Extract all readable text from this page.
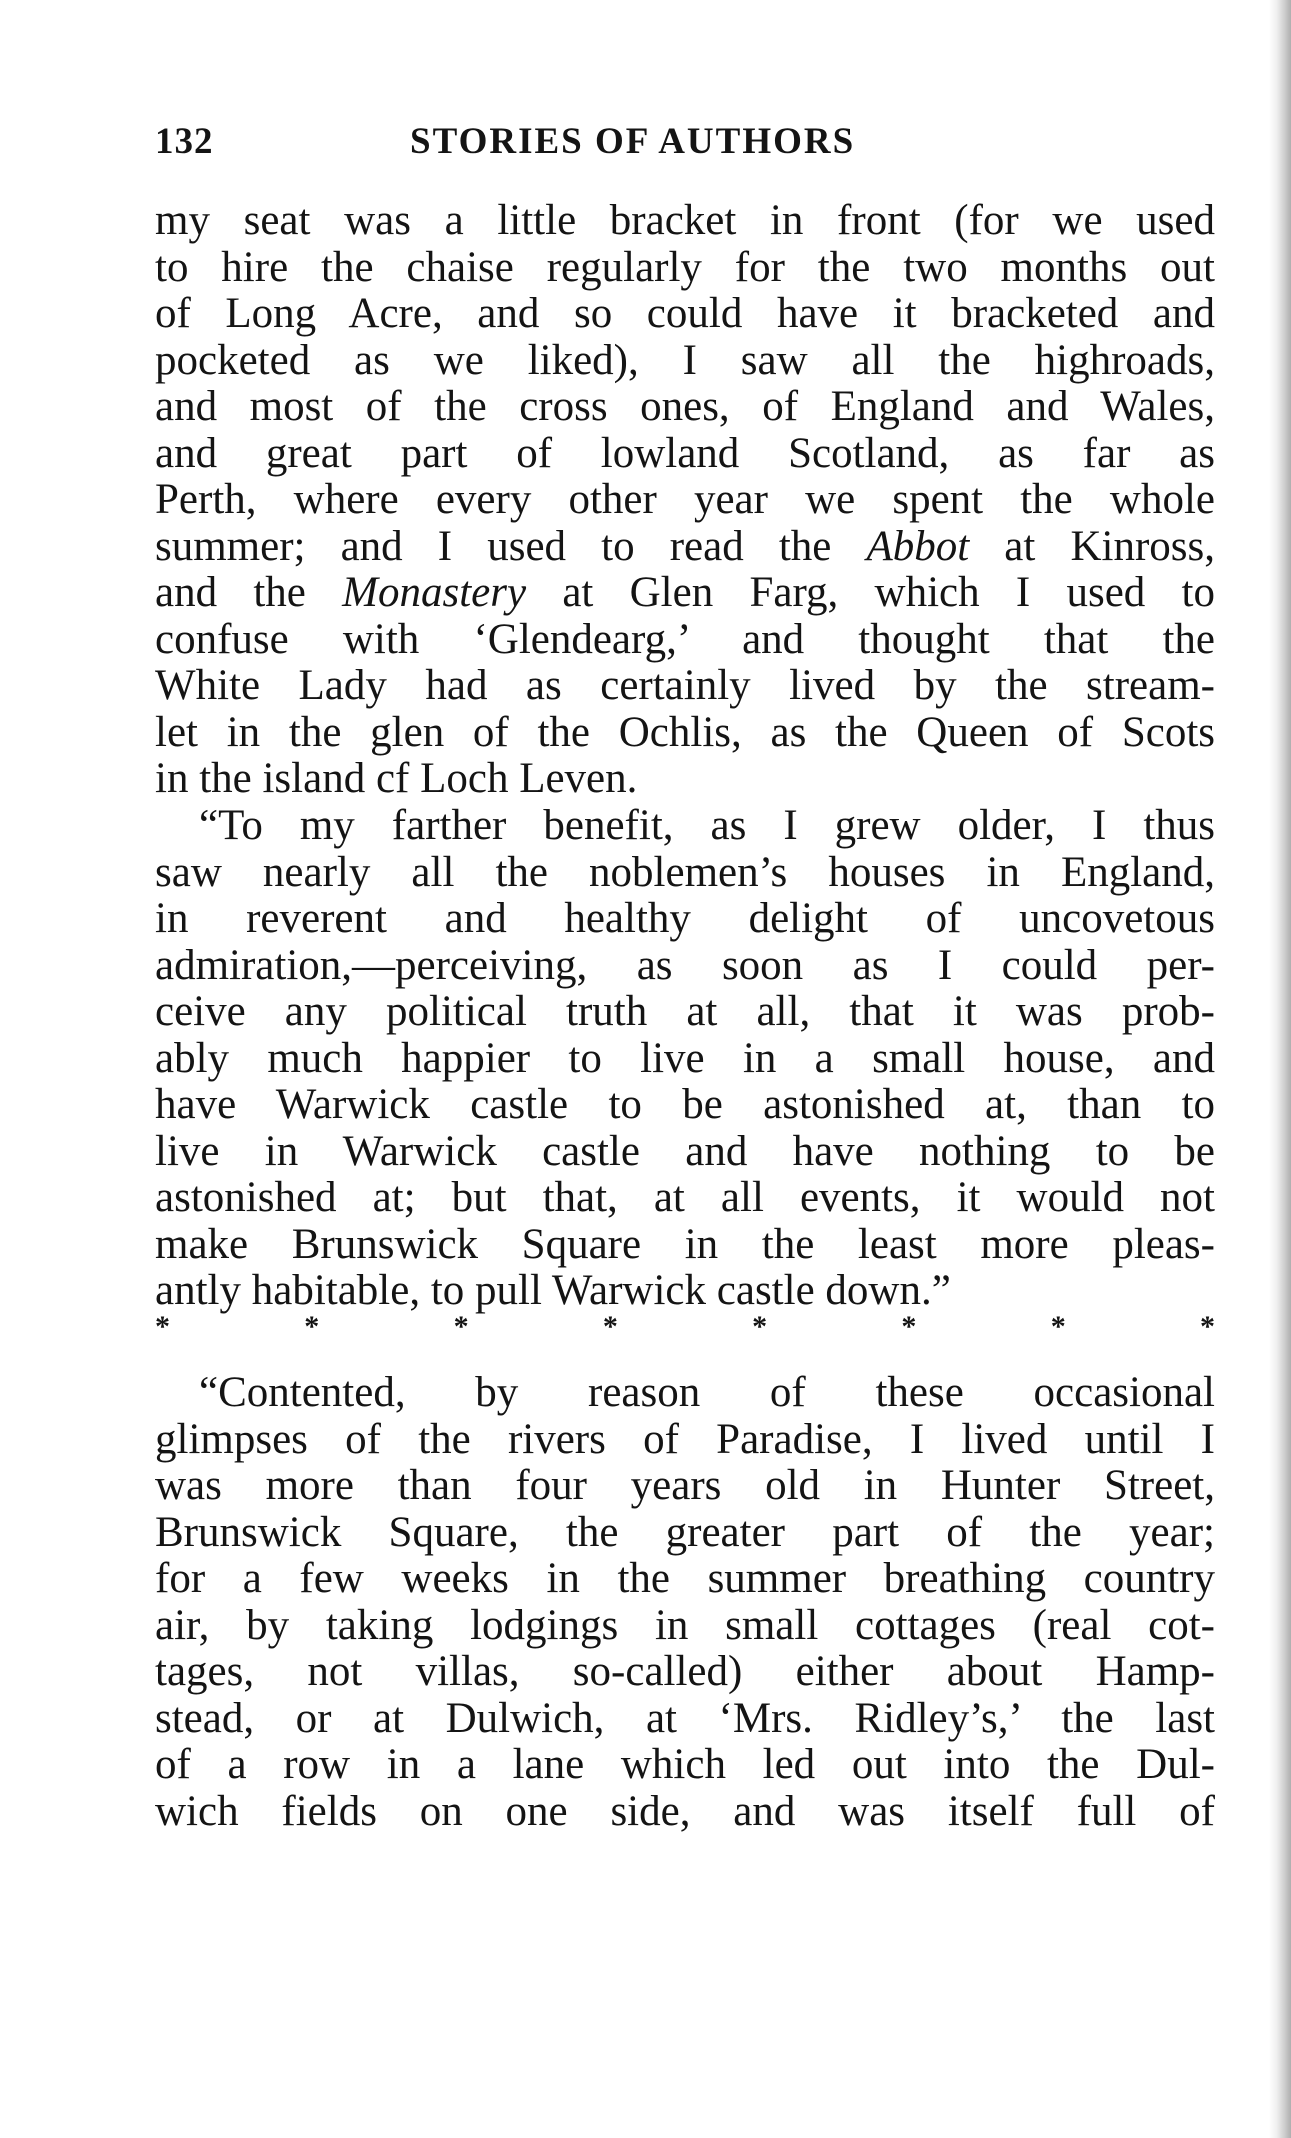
132	STORIES OF AUTHORS
my seat was a little bracket in front (for we used
to hire the chaise regularly for the two months out
of Long Acre, and so could have it bracketed and
pocketed as we liked), I saw all the highroads,
and most of the cross ones, of England and Wales,
and great part of lowland Scotland, as far as
Perth, where every other year we spent the whole
summer; and I used to read the Abbot at Kinross,
and the Monastery at Glen Farg, which I used to
confuse with ‘Glendearg,’ and thought that the
White Lady had as certainly lived by the stream-
let in the glen of the Ochlis, as the Queen of Scots
in the island cf Loch Leven.
“To my farther benefit, as I grew older, I thus
saw nearly all the noblemen’s houses in England,
in reverent and healthy delight of uncovetous
admiration,—perceiving, as soon as I could per-
ceive any political truth at all, that it was prob-
ably much happier to live in a small house, and
have Warwick castle to be astonished at, than to
live in Warwick castle and have nothing to be
astonished at; but that, at all events, it would not
make Brunswick Square in the least more pleas-
antly habitable, to pull Warwick castle down.”
*	*	*	*	*	*	*	*
“Contented, by reason of these occasional
glimpses of the rivers of Paradise, I lived until I
was more than four years old in Hunter Street,
Brunswick Square, the greater part of the year;
for a few weeks in the summer breathing country
air, by taking lodgings in small cottages (real cot-
tages, not villas, so-called) either about Hamp-
stead, or at Dulwich, at ‘Mrs. Ridley’s,’ the last
of a row in a lane which led out into the Dul-
wich fields on one side, and was itself full of
